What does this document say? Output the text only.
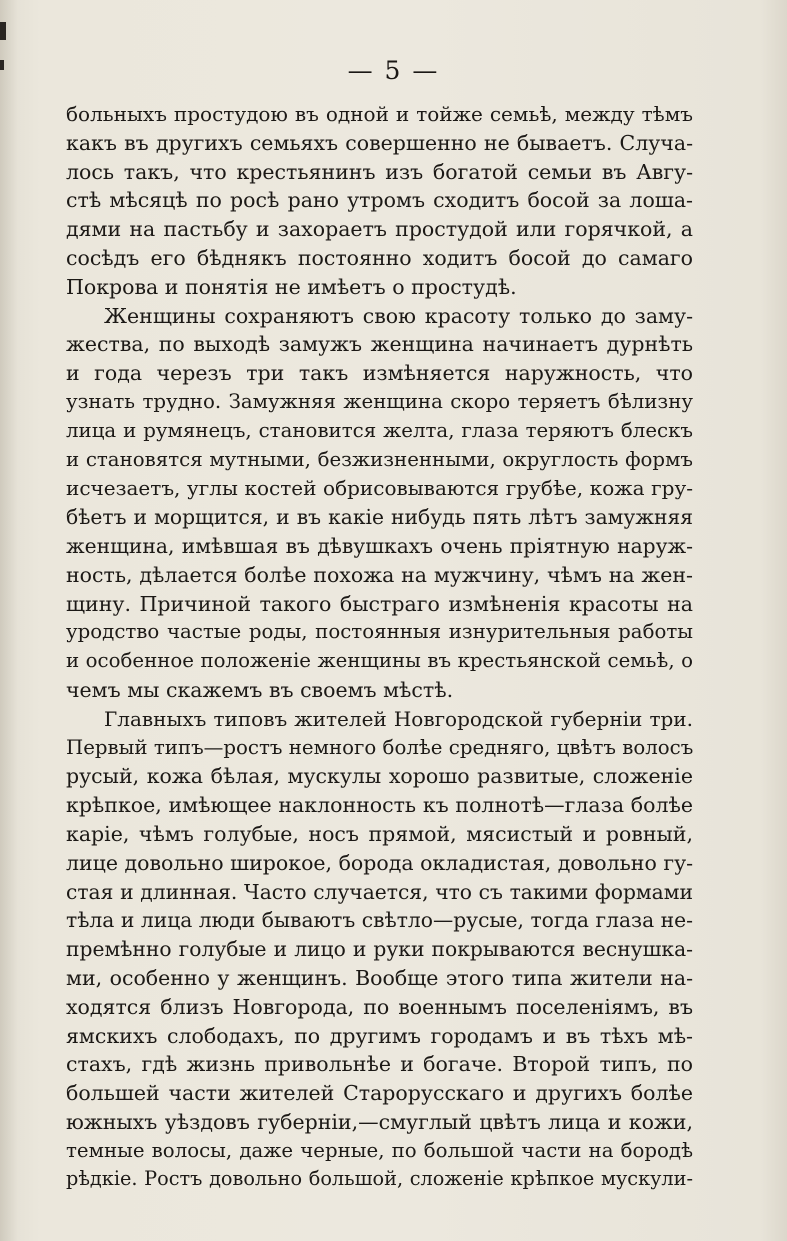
— 5 —
больныхъ простудою въ одной и тойже семьѣ, между тѣмъ
какъ въ другихъ семьяхъ совершенно не бываетъ. Случа-
лось такъ, что крестьянинъ изъ богатой семьи въ Авгу-
стѣ мѣсяцѣ по росѣ рано утромъ сходитъ босой за лоша-
дями на пастьбу и захораетъ простудой или горячкой, а
сосѣдъ его бѣднякъ постоянно ходитъ босой до самаго
Покрова и понятія не имѣетъ о простудѣ.
Женщины сохраняютъ свою красоту только до заму-
жества, по выходѣ замужъ женщина начинаетъ дурнѣть
и года черезъ три такъ измѣняется наружность, что
узнать трудно. Замужняя женщина скоро теряетъ бѣлизну
лица и румянецъ, становится желта, глаза теряютъ блескъ
и становятся мутными, безжизненными, округлость формъ
исчезаетъ, углы костей обрисовываются грубѣе, кожа гру-
бѣетъ и морщится, и въ какіе нибудь пять лѣтъ замужняя
женщина, имѣвшая въ дѣвушкахъ очень пріятную наруж-
ность, дѣлается болѣе похожа на мужчину, чѣмъ на жен-
щину. Причиной такого быстраго измѣненія красоты на
уродство частые роды, постоянныя изнурительныя работы
и особенное положеніе женщины въ крестьянской семьѣ, о
чемъ мы скажемъ въ своемъ мѣстѣ.
Главныхъ типовъ жителей Новгородской губерніи три.
Первый типъ—ростъ немного болѣе средняго, цвѣтъ волосъ
русый, кожа бѣлая, мускулы хорошо развитые, сложеніе
крѣпкое, имѣющее наклонность къ полнотѣ—глаза болѣе
каріе, чѣмъ голубые, носъ прямой, мясистый и ровный,
лице довольно широкое, борода окладистая, довольно гу-
стая и длинная. Часто случается, что съ такими формами
тѣла и лица люди бываютъ свѣтло—русые, тогда глаза не-
премѣнно голубые и лицо и руки покрываются веснушка-
ми, особенно у женщинъ. Вообще этого типа жители на-
ходятся близъ Новгорода, по военнымъ поселеніямъ, въ
ямскихъ слободахъ, по другимъ городамъ и въ тѣхъ мѣ-
стахъ, гдѣ жизнь привольнѣе и богаче. Второй типъ, по
большей части жителей Старорусскаго и другихъ болѣе
южныхъ уѣздовъ губерніи,—смуглый цвѣтъ лица и кожи,
темные волосы, даже черные, по большой части на бородѣ
рѣдкіе. Ростъ довольно большой, сложеніе крѣпкое мускули-
